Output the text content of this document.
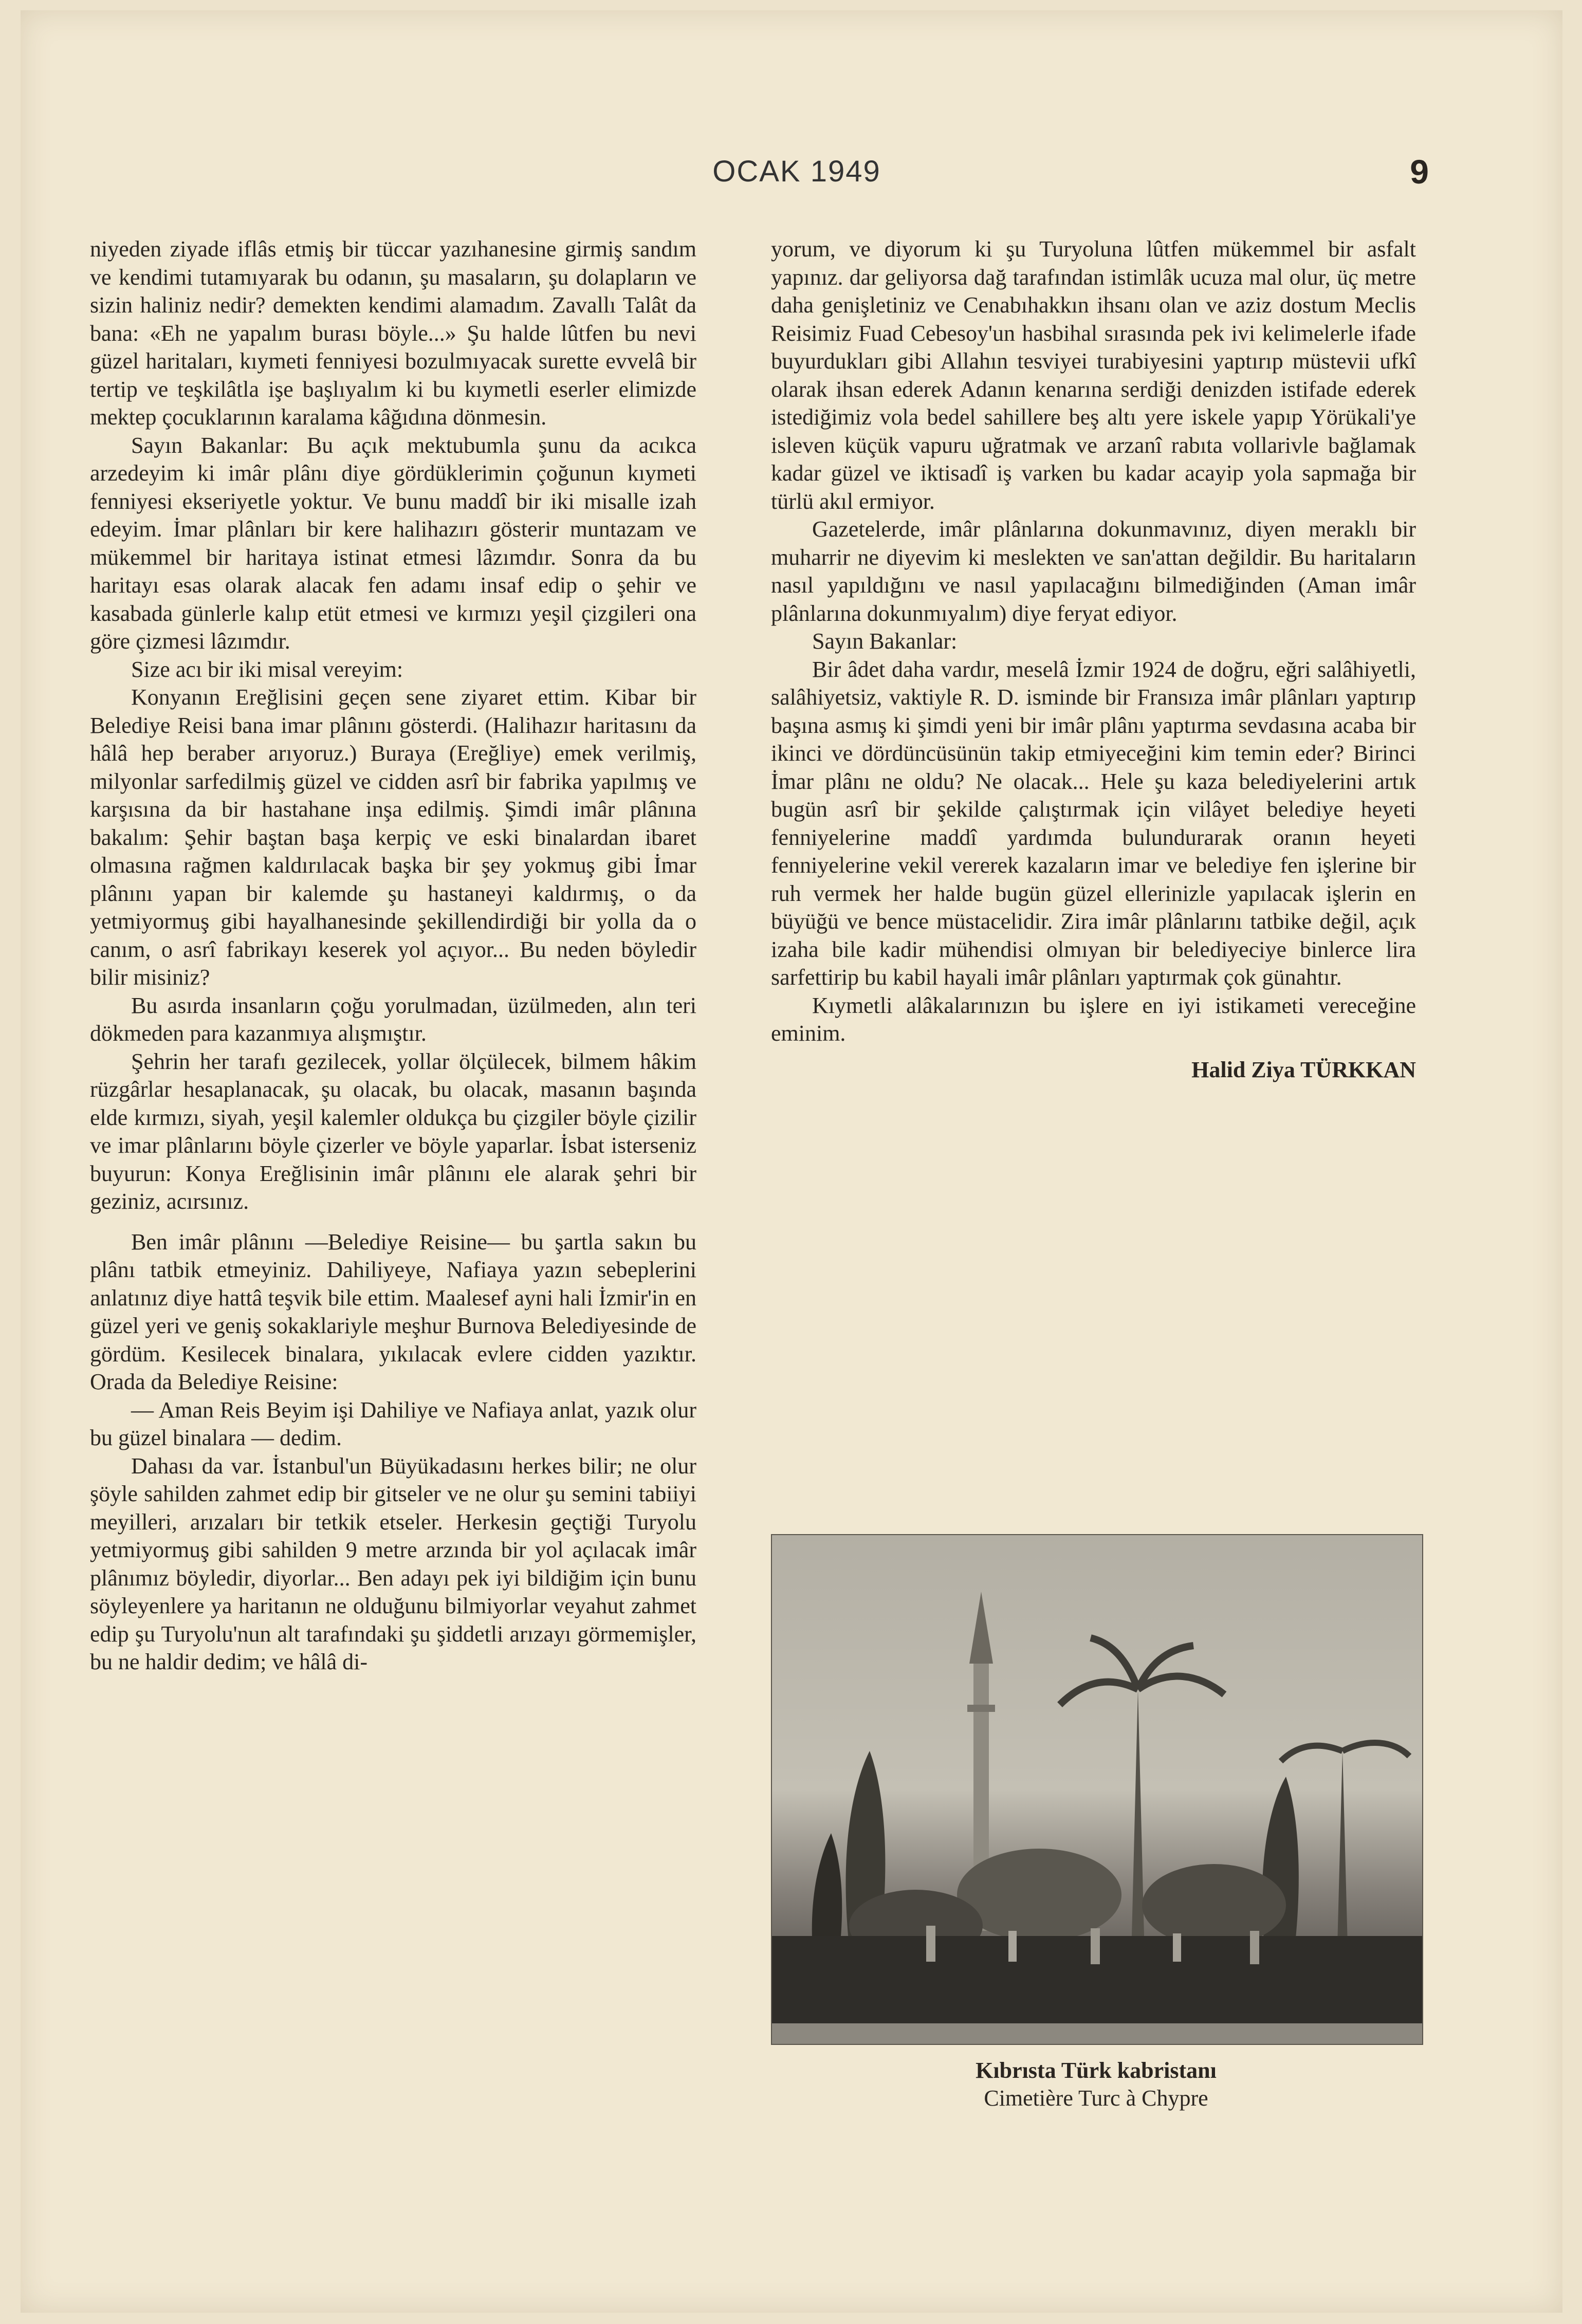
OCAK 1949	9

niyeden ziyade iflâs etmiş bir tüccar yazıhanesine girmiş sandım ve kendimi tutamıyarak bu odanın, şu masaların, şu dolapların ve sizin haliniz nedir? demekten kendimi alamadım. Zavallı Talât da bana: «Eh ne yapalım burası böyle...» Şu halde lûtfen bu nevi güzel haritaları, kıymeti fenniyesi bozulmıyacak surette evvelâ bir tertip ve teşkilâtla işe başlıyalım ki bu kıymetli eserler elimizde mektep çocuklarının karalama kâğıdına dönmesin.

Sayın Bakanlar: Bu açık mektubumla şunu da acıkca arzedeyim ki imâr plânı diye gördüklerimin çoğunun kıymeti fenniyesi ekseriyetle yoktur. Ve bunu maddî bir iki misalle izah edeyim. İmar plânları bir kere halihazırı gösterir muntazam ve mükemmel bir haritaya istinat etmesi lâzımdır. Sonra da bu haritayı esas olarak alacak fen adamı insaf edip o şehir ve kasabada günlerle kalıp etüt etmesi ve kırmızı yeşil çizgileri ona göre çizmesi lâzımdır.

Size acı bir iki misal vereyim:

Konyanın Ereğlisini geçen sene ziyaret ettim. Kibar bir Belediye Reisi bana imar plânını gösterdi. (Halihazır haritasını da hâlâ hep beraber arıyoruz.) Buraya (Ereğliye) emek verilmiş, milyonlar sarfedilmiş güzel ve cidden asrî bir fabrika yapılmış ve karşısına da bir hastahane inşa edilmiş. Şimdi imâr plânına bakalım: Şehir baştan başa kerpiç ve eski binalardan ibaret olmasına rağmen kaldırılacak başka bir şey yokmuş gibi İmar plânını yapan bir kalemde şu hastaneyi kaldırmış, o da yetmiyormuş gibi hayalhanesinde şekillendirdiği bir yolla da o canım, o asrî fabrikayı keserek yol açıyor... Bu neden böyledir bilir misiniz?

Bu asırda insanların çoğu yorulmadan, üzülmeden, alın teri dökmeden para kazanmıya alışmıştır.

Şehrin her tarafı gezilecek, yollar ölçülecek, bilmem hâkim rüzgârlar hesaplanacak, şu olacak, bu olacak, masanın başında elde kırmızı, siyah, yeşil kalemler oldukça bu çizgiler böyle çizilir ve imar plânlarını böyle çizerler ve böyle yaparlar. İsbat isterseniz buyurun: Konya Ereğlisinin imâr plânını ele alarak şehri bir geziniz, acırsınız.

Ben imâr plânını —Belediye Reisine— bu şartla sakın bu plânı tatbik etmeyiniz. Dahiliyeye, Nafiaya yazın sebeplerini anlatınız diye hattâ teşvik bile ettim. Maalesef ayni hali İzmir'in en güzel yeri ve geniş sokaklariyle meşhur Burnova Belediyesinde de gördüm. Kesilecek binalara, yıkılacak evlere cidden yazıktır. Orada da Belediye Reisine:

— Aman Reis Beyim işi Dahiliye ve Nafiaya anlat, yazık olur bu güzel binalara — dedim.

Dahası da var. İstanbul'un Büyükadasını herkes bilir; ne olur şöyle sahilden zahmet edip bir gitseler ve ne olur şu semini tabiiyi meyilleri, arızaları bir tetkik etseler. Herkesin geçtiği Turyolu yetmiyormuş gibi sahilden 9 metre arzında bir yol açılacak imâr plânımız böyledir, diyorlar... Ben adayı pek iyi bildiğim için bunu söyleyenlere ya haritanın ne olduğunu bilmiyorlar veyahut zahmet edip şu Turyolu'nun alt tarafındaki şu şiddetli arızayı görmemişler, bu ne haldir dedim; ve hâlâ di-

yorum, ve diyorum ki şu Turyoluna lûtfen mükemmel bir asfalt yapınız. dar geliyorsa dağ tarafından istimlâk ucuza mal olur, üç metre daha genişletiniz ve Cenabıhakkın ihsanı olan ve aziz dostum Meclis Reisimiz Fuad Cebesoy'un hasbihal sırasında pek ivi kelimelerle ifade buyurdukları gibi Allahın tesviyei turabiyesini yaptırıp müstevii ufkî olarak ihsan ederek Adanın kenarına serdiği denizden istifade ederek istediğimiz vola bedel sahillere beş altı yere iskele yapıp Yörükali'ye isleven küçük vapuru uğratmak ve arzanî rabıta vollarivle bağlamak kadar güzel ve iktisadî iş varken bu kadar acayip yola sapmağa bir türlü akıl ermiyor.

Gazetelerde, imâr plânlarına dokunmavınız, diyen meraklı bir muharrir ne diyevim ki meslekten ve san'attan değildir. Bu haritaların nasıl yapıldığını ve nasıl yapılacağını bilmediğinden (Aman imâr plânlarına dokunmıyalım) diye feryat ediyor.

Sayın Bakanlar:

Bir âdet daha vardır, meselâ İzmir 1924 de doğru, eğri salâhiyetli, salâhiyetsiz, vaktiyle R. D. isminde bir Fransıza imâr plânları yaptırıp başına asmış ki şimdi yeni bir imâr plânı yaptırma sevdasına acaba bir ikinci ve dördüncüsünün takip etmiyeceğini kim temin eder? Birinci İmar plânı ne oldu? Ne olacak... Hele şu kaza belediyelerini artık bugün asrî bir şekilde çalıştırmak için vilâyet belediye heyeti fenniyelerine maddî yardımda bulundurarak oranın heyeti fenniyelerine vekil vererek kazaların imar ve belediye fen işlerine bir ruh vermek her halde bugün güzel ellerinizle yapılacak işlerin en büyüğü ve bence müstacelidir. Zira imâr plânlarını tatbike değil, açık izaha bile kadir mühendisi olmıyan bir belediyeciye binlerce lira sarfettirip bu kabil hayali imâr plânları yaptırmak çok günahtır.

Kıymetli alâkalarınızın bu işlere en iyi istikameti vereceğine eminim.

Halid Ziya TÜRKKAN
Kıbrısta Türk kabristanı
Cimetière Turc à Chypre
